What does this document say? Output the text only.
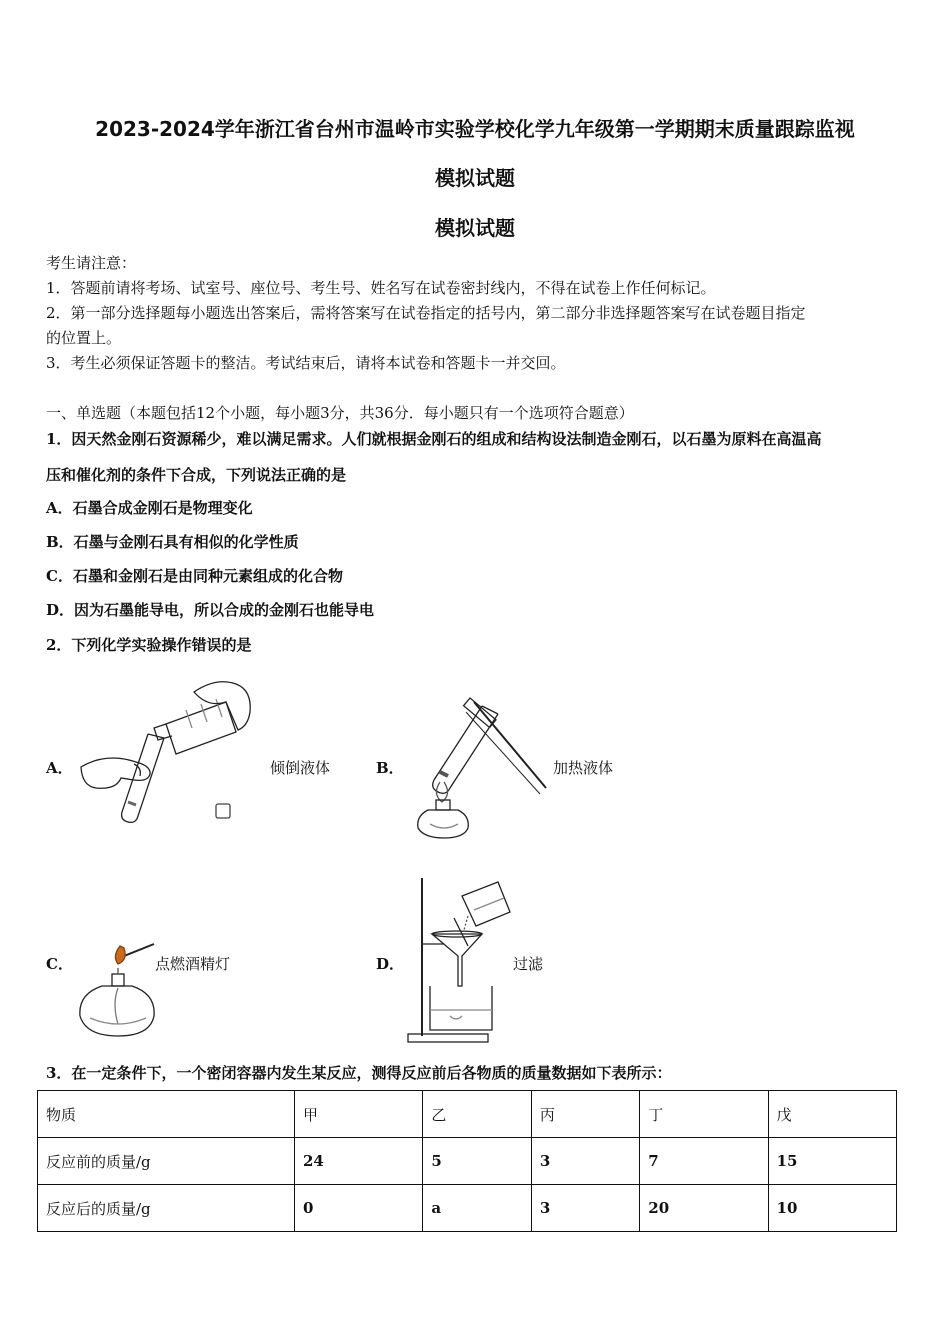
2023-2024学年浙江省台州市温岭市实验学校化学九年级第一学期期末质量跟踪监视
模拟试题
模拟试题
考生请注意：
1．答题前请将考场、试室号、座位号、考生号、姓名写在试卷密封线内，不得在试卷上作任何标记。
2．第一部分选择题每小题选出答案后，需将答案写在试卷指定的括号内，第二部分非选择题答案写在试卷题目指定
的位置上。
3．考生必须保证答题卡的整洁。考试结束后，请将本试卷和答题卡一并交回。
一、单选题（本题包括12个小题，每小题3分，共36分．每小题只有一个选项符合题意）
1．因天然金刚石资源稀少，难以满足需求。人们就根据金刚石的组成和结构设法制造金刚石，以石墨为原料在高温高
压和催化剂的条件下合成，下列说法正确的是
A．石墨合成金刚石是物理变化
B．石墨与金刚石具有相似的化学性质
C．石墨和金刚石是由同种元素组成的化合物
D．因为石墨能导电，所以合成的金刚石也能导电
2．下列化学实验操作错误的是
A．	倾倒液体	B．	加热液体
C．	点燃酒精灯	D．	过滤
3．在一定条件下，一个密闭容器内发生某反应，测得反应前后各物质的质量数据如下表所示：
物质	甲	乙	丙	丁	戊
反应前的质量/g	24	5	3	7	15
反应后的质量/g	0	a	3	20	10
